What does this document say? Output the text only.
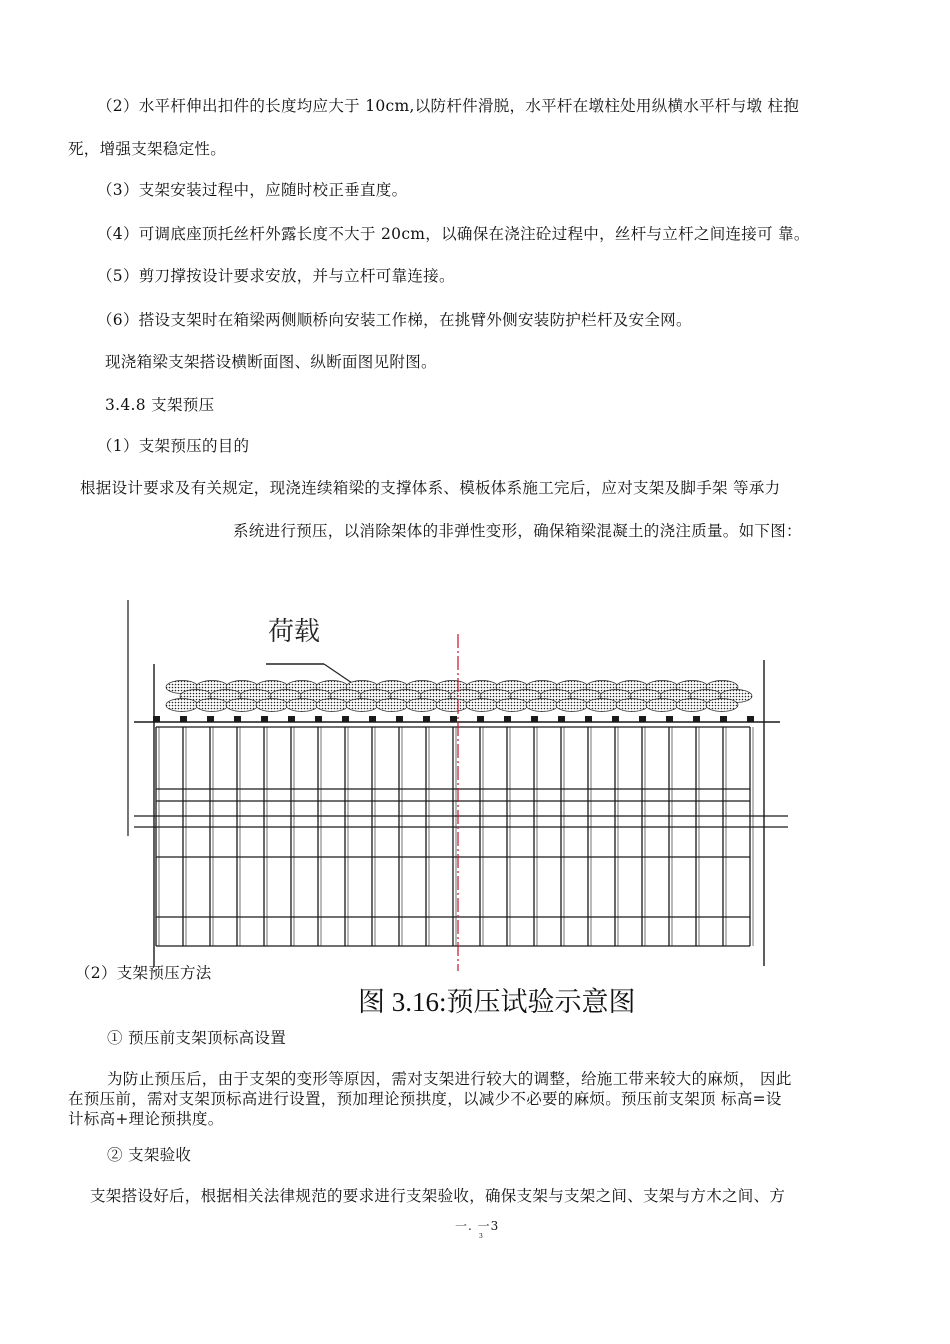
（2）水平杆伸出扣件的长度均应大于 10cm,以防杆件滑脱，水平杆在墩柱处用纵横水平杆与墩 柱抱
死，增强支架稳定性。
（3）支架安装过程中，应随时校正垂直度。
（4）可调底座顶托丝杆外露长度不大于 20cm，以确保在浇注砼过程中，丝杆与立杆之间连接可 靠。
（5）剪刀撑按设计要求安放，并与立杆可靠连接。
（6）搭设支架时在箱梁两侧顺桥向安装工作梯，在挑臂外侧安装防护栏杆及安全网。
现浇箱梁支架搭设横断面图、纵断面图见附图。
3.4.8 支架预压
（1）支架预压的目的
根据设计要求及有关规定，现浇连续箱梁的支撑体系、模板体系施工完后，应对支架及脚手架 等承力
系统进行预压，以消除架体的非弹性变形，确保箱梁混凝土的浇注质量。如下图：
荷载
（2）支架预压方法
图 3.16:预压试验示意图
① 预压前支架顶标高设置
为防止预压后，由于支架的变形等原因，需对支架进行较大的调整，给施工带来较大的麻烦， 因此
在预压前，需对支架顶标高进行设置，预加理论预拱度，以减少不必要的麻烦。预压前支架顶 标高=设
计标高+理论预拱度。
② 支架验收
支架搭设好后，根据相关法律规范的要求进行支架验收，确保支架与支架之间、支架与方木之间、方
一. 一3
3
